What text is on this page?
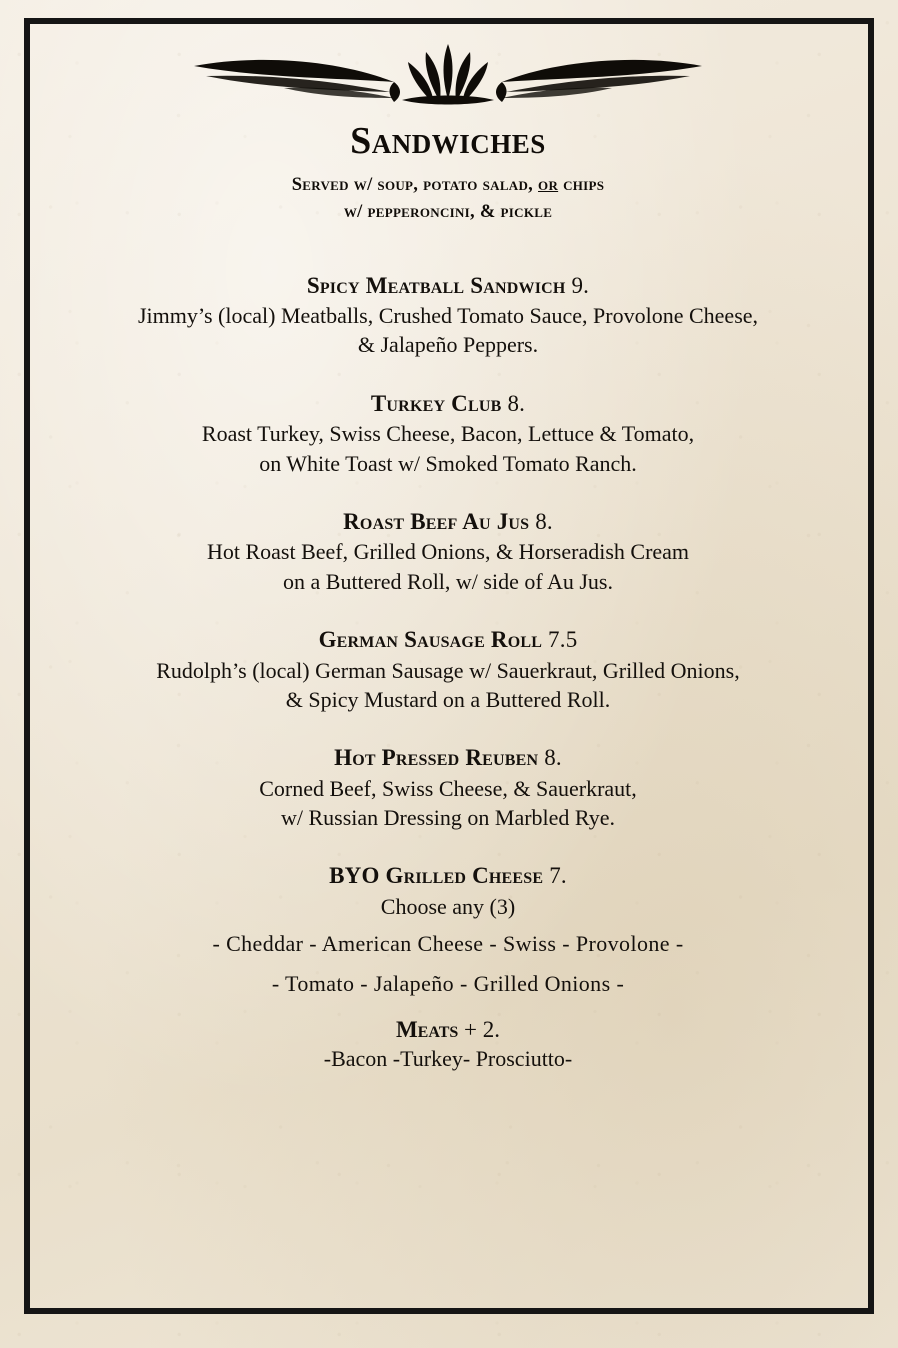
Sandwiches

Served w/ soup, potato salad, or chips

w/ pepperoncini, & pickle

Spicy Meatball Sandwich 9.

Jimmy’s (local) Meatballs, Crushed Tomato Sauce, Provolone Cheese,

& Jalapeño Peppers.

Turkey Club 8.

Roast Turkey, Swiss Cheese, Bacon, Lettuce & Tomato,

on White Toast w/ Smoked Tomato Ranch.

Roast Beef Au Jus 8.

Hot Roast Beef, Grilled Onions, & Horseradish Cream

on a Buttered Roll, w/ side of Au Jus.

German Sausage Roll 7.5

Rudolph’s (local) German Sausage w/ Sauerkraut, Grilled Onions,

& Spicy Mustard on a Buttered Roll.

Hot Pressed Reuben 8.

Corned Beef, Swiss Cheese, & Sauerkraut,

w/ Russian Dressing on Marbled Rye.

BYO Grilled Cheese 7.

Choose any (3)

- Cheddar - American Cheese - Swiss - Provolone -

- Tomato - Jalapeño - Grilled Onions -

Meats + 2.

-Bacon -Turkey- Prosciutto-
